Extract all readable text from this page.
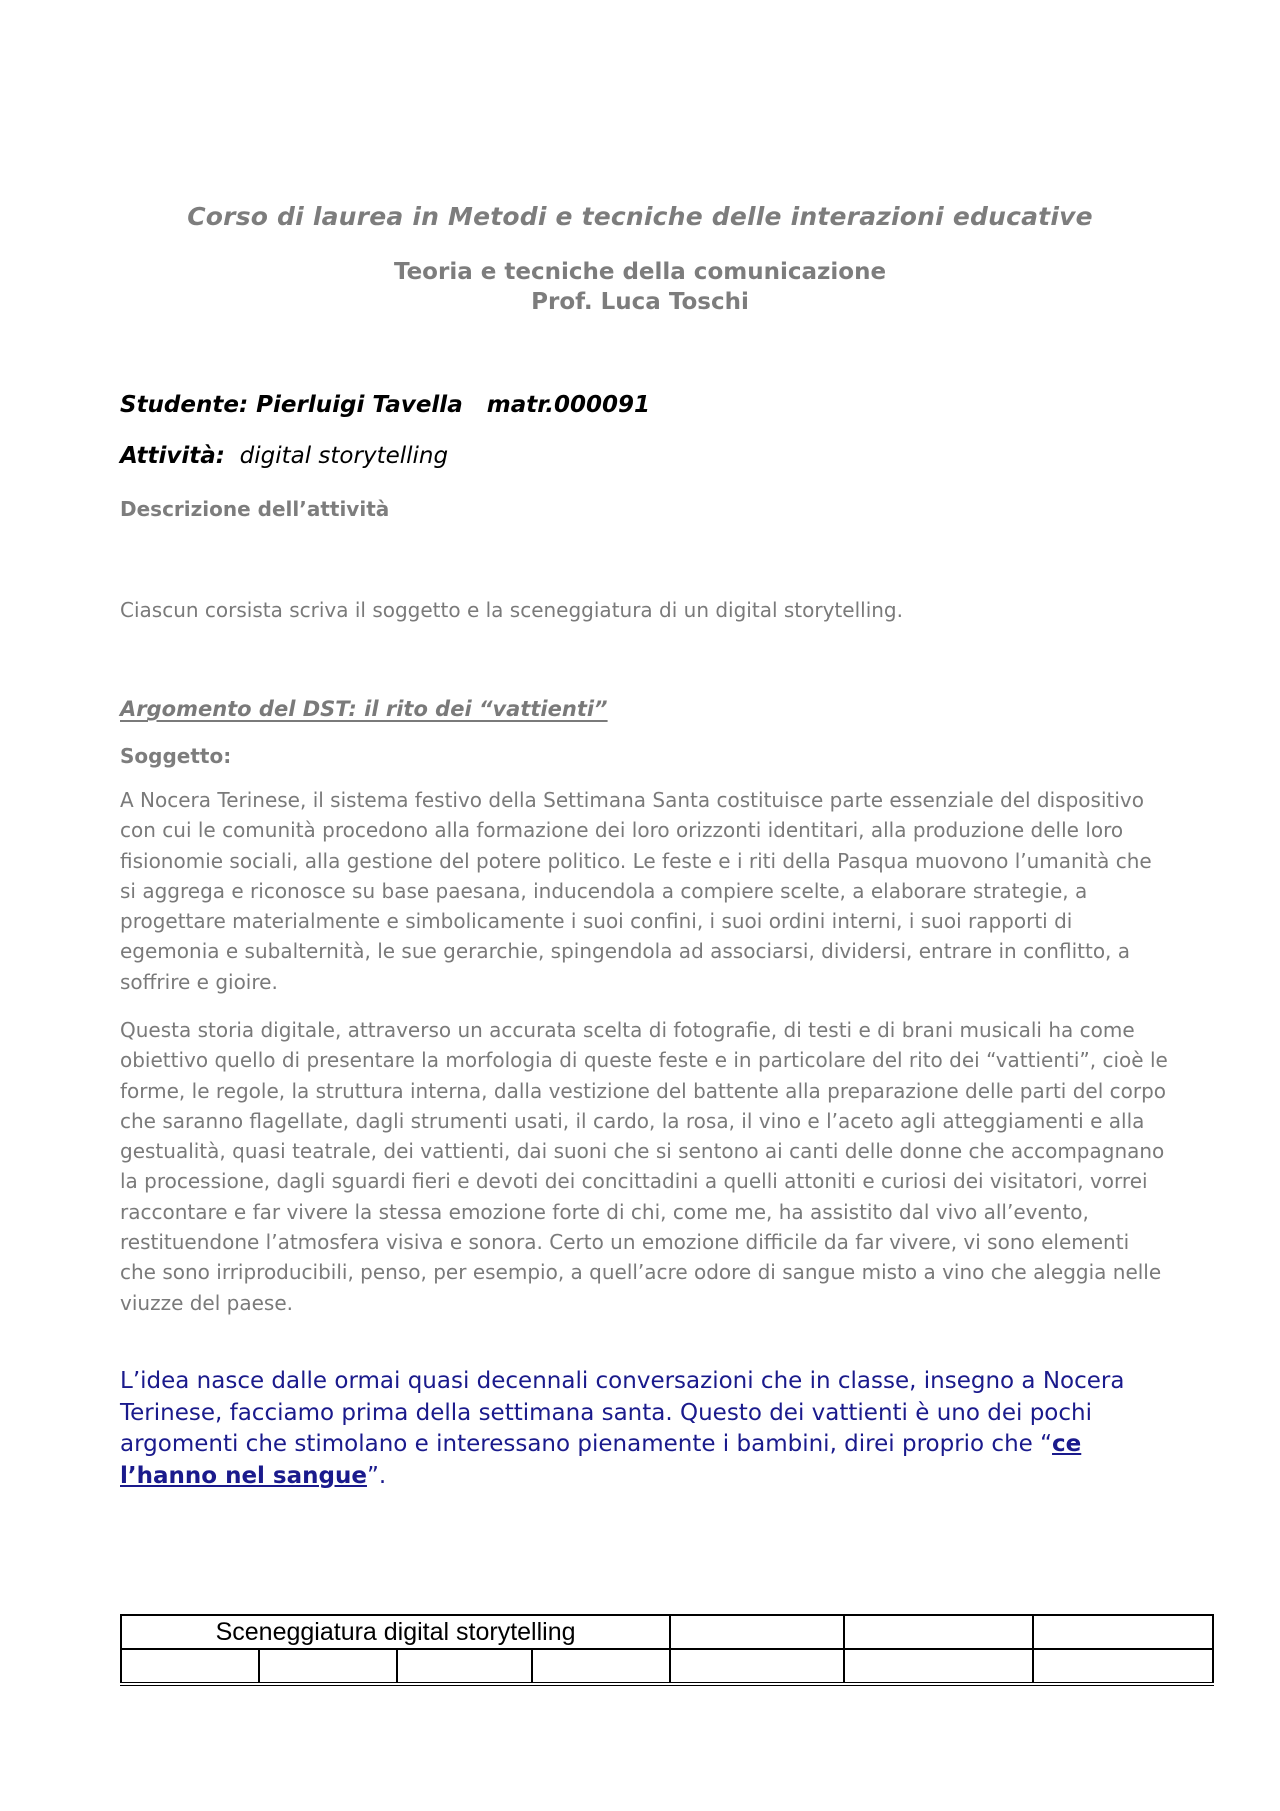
Corso di laurea in Metodi e tecniche delle interazioni educative
Teoria e tecniche della comunicazione
Prof. Luca Toschi
Studente: Pierluigi Tavella   matr.000091
Attività:  digital storytelling
Descrizione dell’attività
Ciascun corsista scriva il soggetto e la sceneggiatura di un digital storytelling.
Argomento del DST: il rito dei “vattienti”
Soggetto:
A Nocera Terinese, il sistema festivo della Settimana Santa costituisce parte essenziale del dispositivo con cui le comunità procedono alla formazione dei loro orizzonti identitari, alla produzione delle loro fisionomie sociali, alla gestione del potere politico. Le feste e i riti della Pasqua muovono l’umanità che si aggrega e riconosce su base paesana, inducendola a compiere scelte, a elaborare strategie, a progettare materialmente e simbolicamente i suoi confini, i suoi ordini interni, i suoi rapporti di egemonia e subalternità, le sue gerarchie, spingendola ad associarsi, dividersi, entrare in conflitto, a soffrire e gioire.
Questa storia digitale, attraverso un accurata scelta di fotografie, di testi e di brani musicali ha come obiettivo quello di presentare la morfologia di queste feste e in particolare del rito dei “vattienti”, cioè le forme, le regole, la struttura interna, dalla vestizione del battente alla preparazione delle parti del corpo che saranno flagellate, dagli strumenti usati, il cardo, la rosa, il vino e l’aceto agli atteggiamenti e alla gestualità, quasi teatrale, dei vattienti, dai suoni che si sentono ai canti delle donne che accompagnano la processione, dagli sguardi fieri e devoti dei concittadini a quelli attoniti e curiosi dei visitatori, vorrei raccontare e far vivere la stessa emozione forte di chi, come me, ha assistito dal vivo all’evento, restituendone l’atmosfera visiva e sonora. Certo un emozione difficile da far vivere, vi sono elementi che sono irriproducibili, penso, per esempio, a quell’acre odore di sangue misto a vino che aleggia nelle viuzze del paese.
L’idea nasce dalle ormai quasi decennali conversazioni che in classe, insegno a Nocera Terinese, facciamo prima della settimana santa. Questo dei vattienti è uno dei pochi argomenti che stimolano e interessano pienamente i bambini, direi proprio che “ce l’hanno nel sangue”.
Sceneggiatura digital storytelling						
